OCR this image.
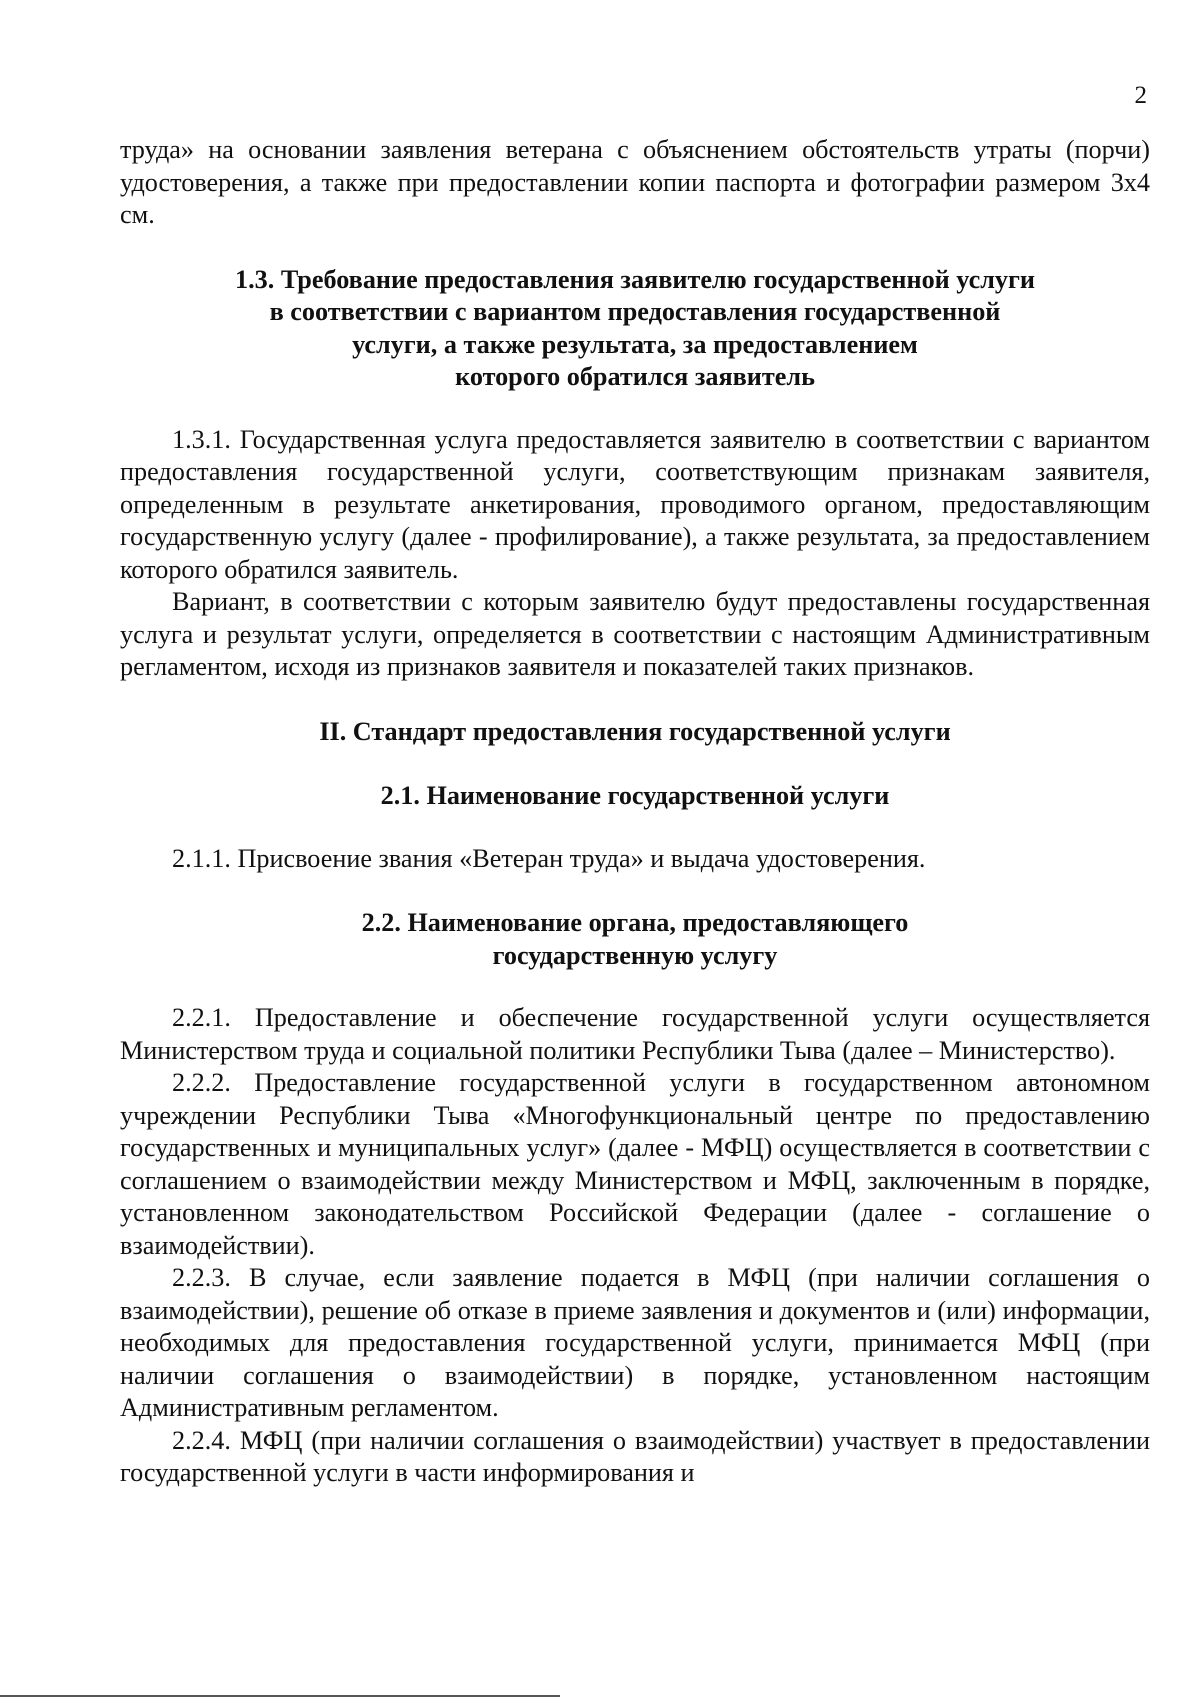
2

труда» на основании заявления ветерана с объяснением обстоятельств утраты (порчи) удостоверения, а также при предоставлении копии паспорта и фотографии размером 3х4 см.

1.3. Требование предоставления заявителю государственной услуги
в соответствии с вариантом предоставления государственной
услуги, а также результата, за предоставлением
которого обратился заявитель

1.3.1. Государственная услуга предоставляется заявителю в соответствии с вариантом предоставления государственной услуги, соответствующим признакам заявителя, определенным в результате анкетирования, проводимого органом, предоставляющим государственную услугу (далее - профилирование), а также результата, за предоставлением которого обратился заявитель.

Вариант, в соответствии с которым заявителю будут предоставлены государственная услуга и результат услуги, определяется в соответствии с настоящим Административным регламентом, исходя из признаков заявителя и показателей таких признаков.

II. Стандарт предоставления государственной услуги
2.1. Наименование государственной услуги

2.1.1. Присвоение звания «Ветеран труда» и выдача удостоверения.

2.2. Наименование органа, предоставляющего
государственную услугу

2.2.1. Предоставление и обеспечение государственной услуги осуществляется Министерством труда и социальной политики Республики Тыва (далее – Министерство).

2.2.2. Предоставление государственной услуги в государственном автономном учреждении Республики Тыва «Многофункциональный центре по предоставлению государственных и муниципальных услуг» (далее - МФЦ) осуществляется в соответствии с соглашением о взаимодействии между Министерством и МФЦ, заключенным в порядке, установленном законодательством Российской Федерации (далее - соглашение о взаимодействии).

2.2.3. В случае, если заявление подается в МФЦ (при наличии соглашения о взаимодействии), решение об отказе в приеме заявления и документов и (или) информации, необходимых для предоставления государственной услуги, принимается МФЦ (при наличии соглашения о взаимодействии) в порядке, установленном настоящим Административным регламентом.

2.2.4. МФЦ (при наличии соглашения о взаимодействии) участвует в предоставлении государственной услуги в части информирования и
